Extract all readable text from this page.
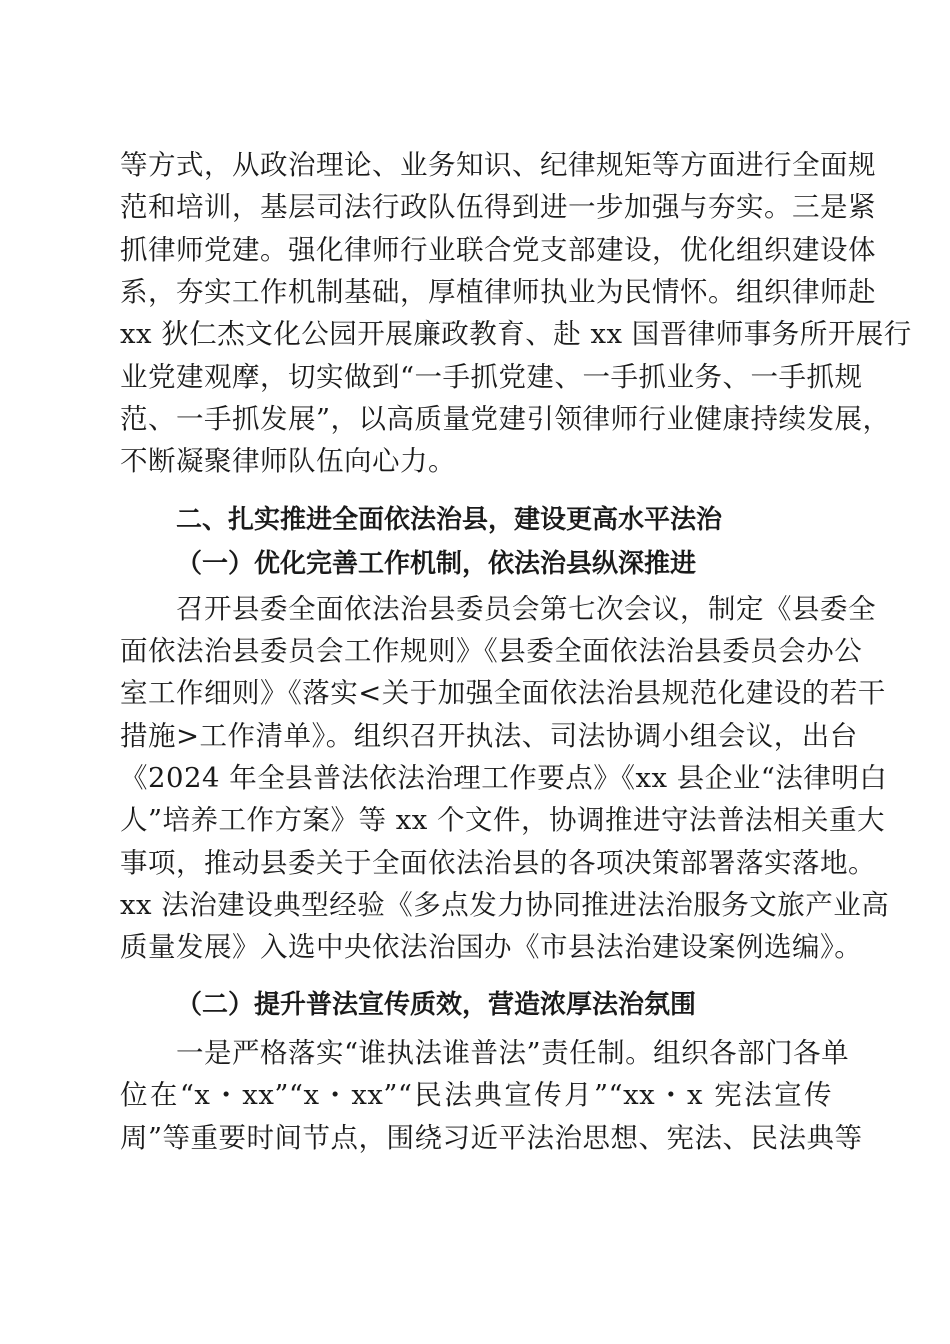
等方式，从政治理论、业务知识、纪律规矩等方面进行全面规
范和培训，基层司法行政队伍得到进一步加强与夯实。三是紧
抓律师党建。强化律师行业联合党支部建设，优化组织建设体
系，夯实工作机制基础，厚植律师执业为民情怀。组织律师赴
xx 狄仁杰文化公园开展廉政教育、赴 xx 国晋律师事务所开展行
业党建观摩，切实做到“一手抓党建、一手抓业务、一手抓规
范、一手抓发展”，以高质量党建引领律师行业健康持续发展，
不断凝聚律师队伍向心力。
二、扎实推进全面依法治县，建设更高水平法治
（一）优化完善工作机制，依法治县纵深推进
召开县委全面依法治县委员会第七次会议，制定《县委全
面依法治县委员会工作规则》《县委全面依法治县委员会办公
室工作细则》《落实<关于加强全面依法治县规范化建设的若干
措施>工作清单》。组织召开执法、司法协调小组会议，出台
《2024 年全县普法依法治理工作要点》《xx 县企业“法律明白
人”培养工作方案》等 xx 个文件，协调推进守法普法相关重大
事项，推动县委关于全面依法治县的各项决策部署落实落地。
xx 法治建设典型经验《多点发力协同推进法治服务文旅产业高
质量发展》入选中央依法治国办《市县法治建设案例选编》。
（二）提升普法宣传质效，营造浓厚法治氛围
一是严格落实“谁执法谁普法”责任制。组织各部门各单
位在“x・xx”“x・xx”“民法典宣传月”“xx・x 宪法宣传
周”等重要时间节点，围绕习近平法治思想、宪法、民法典等
